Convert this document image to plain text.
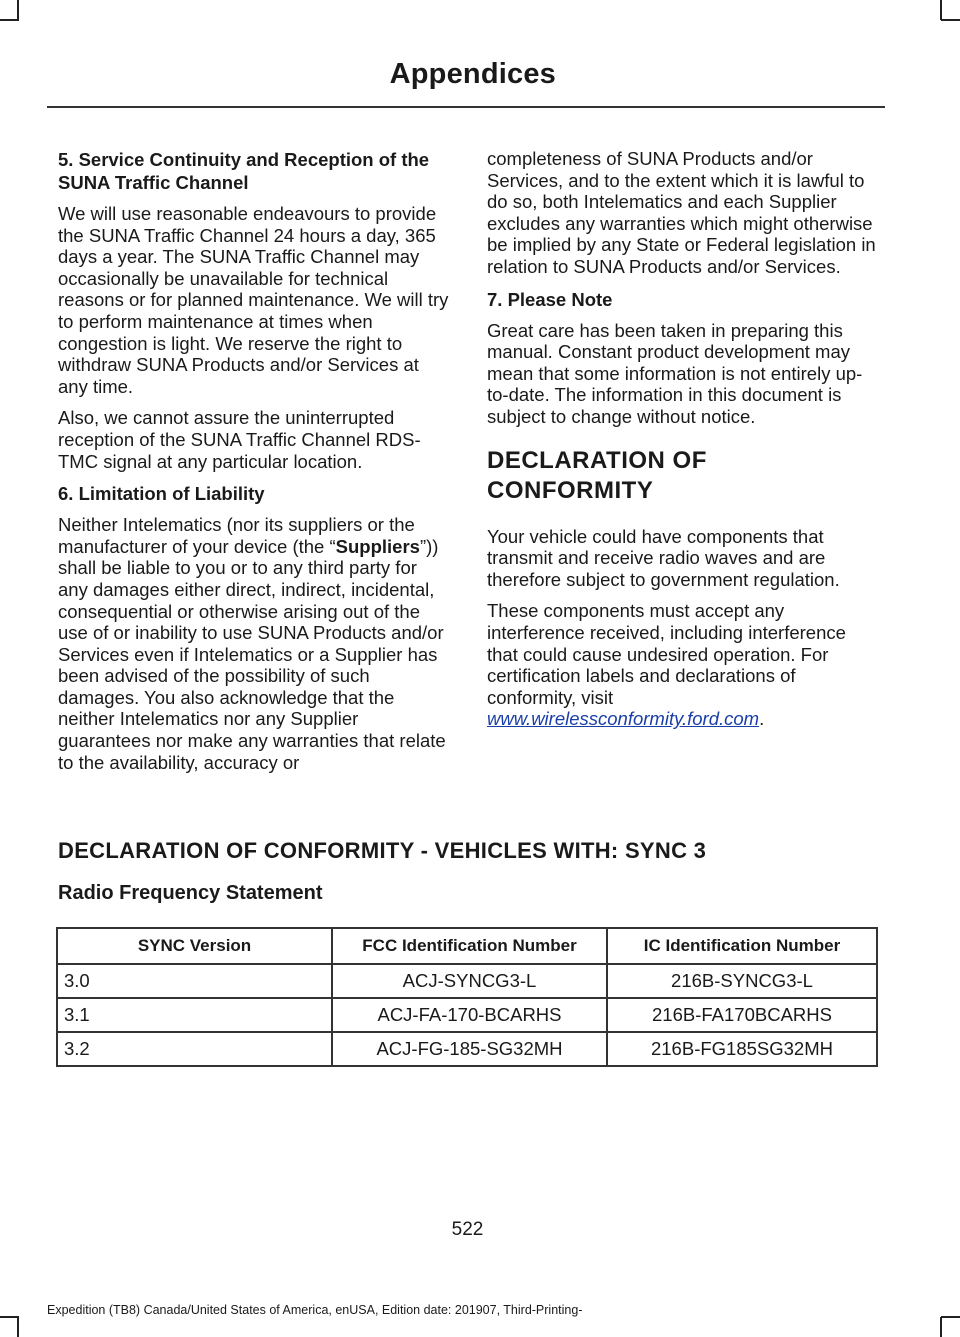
Appendices
5. Service Continuity and Reception of the SUNA Traffic Channel

We will use reasonable endeavours to provide the SUNA Traffic Channel 24 hours a day, 365 days a year. The SUNA Traffic Channel may occasionally be unavailable for technical reasons or for planned maintenance. We will try to perform maintenance at times when congestion is light. We reserve the right to withdraw SUNA Products and/or Services at any time.

Also, we cannot assure the uninterrupted reception of the SUNA Traffic Channel RDS-TMC signal at any particular location.

6. Limitation of Liability

Neither Intelematics (nor its suppliers or the manufacturer of your device (the “Suppliers”)) shall be liable to you or to any third party for any damages either direct, indirect, incidental, consequential or otherwise arising out of the use of or inability to use SUNA Products and/or Services even if Intelematics or a Supplier has been advised of the possibility of such damages. You also acknowledge that the neither Intelematics nor any Supplier guarantees nor make any warranties that relate to the availability, accuracy or

completeness of SUNA Products and/or Services, and to the extent which it is lawful to do so, both Intelematics and each Supplier excludes any warranties which might otherwise be implied by any State or Federal legislation in relation to SUNA Products and/or Services.

7. Please Note

Great care has been taken in preparing this manual. Constant product development may mean that some information is not entirely up-to-date. The information in this document is subject to change without notice.

DECLARATION OF
CONFORMITY

Your vehicle could have components that transmit and receive radio waves and are therefore subject to government regulation.

These components must accept any interference received, including interference that could cause undesired operation. For certification labels and declarations of conformity, visit
www.wirelessconformity.ford.com.

DECLARATION OF CONFORMITY - VEHICLES WITH: SYNC 3
Radio Frequency Statement
SYNC Version	FCC Identification Number	IC Identification Number
3.0	ACJ-SYNCG3-L	216B-SYNCG3-L
3.1	ACJ-FA-170-BCARHS	216B-FA170BCARHS
3.2	ACJ-FG-185-SG32MH	216B-FG185SG32MH
522
Expedition (TB8) Canada/United States of America, enUSA, Edition date: 201907, Third-Printing-
